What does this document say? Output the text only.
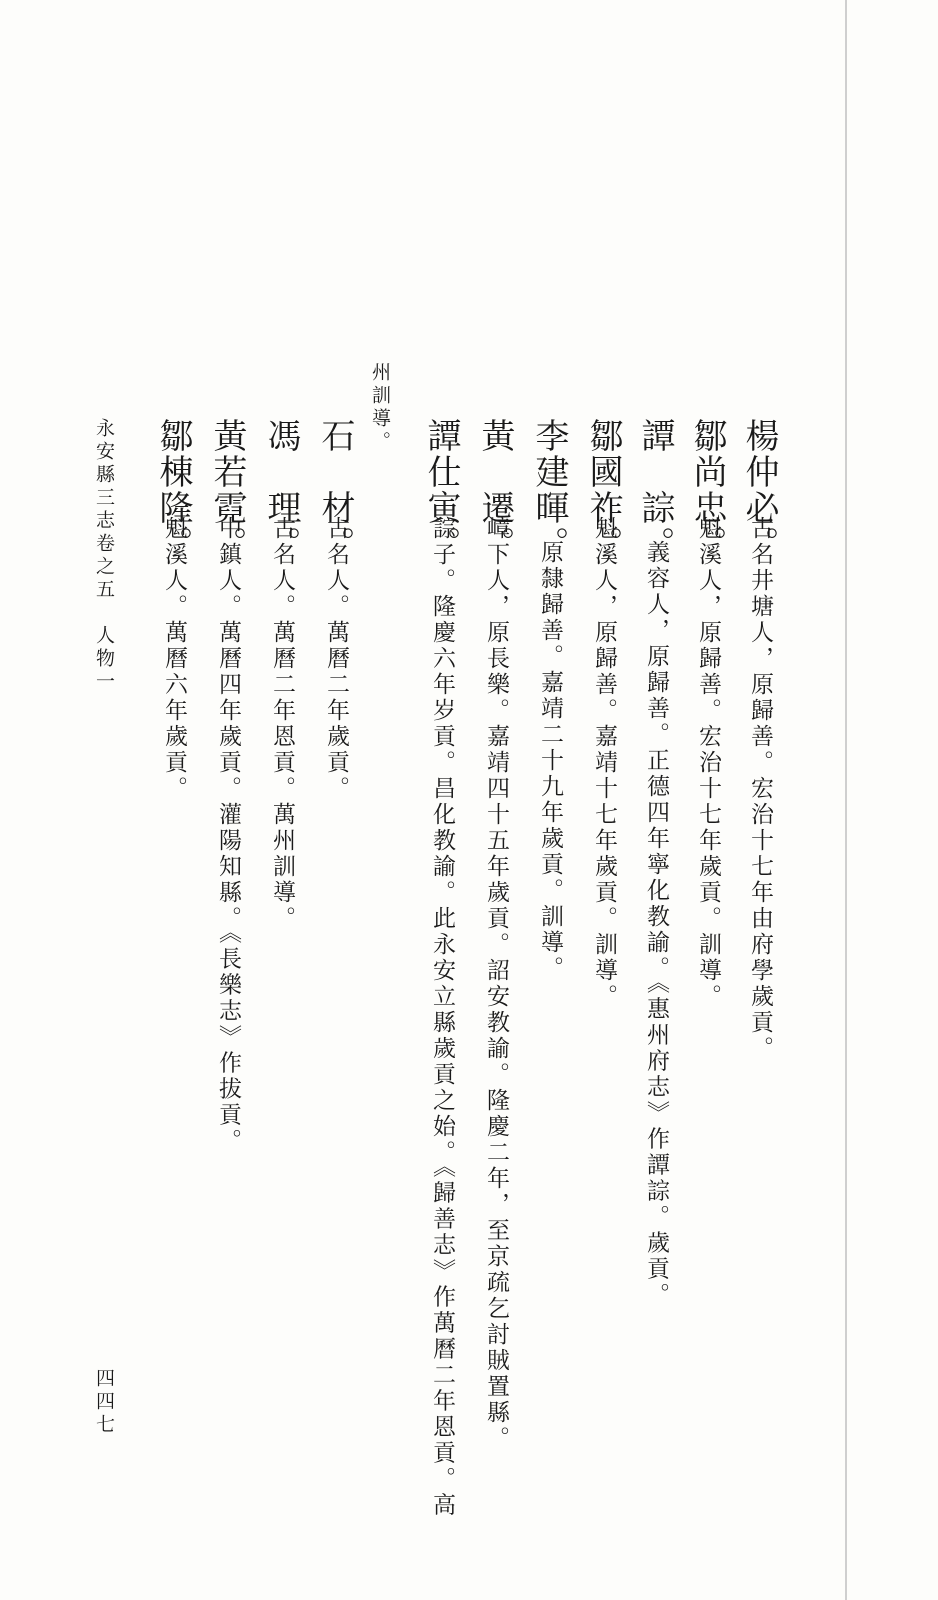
楊仲必。
古名井塘人，原歸善。宏治十七年由府學歲貢。
鄒尚忠。
魁溪人，原歸善。宏治十七年歲貢。訓導。
譚　誴。
義容人，原歸善。正德四年寧化教諭。《惠州府志》作譚誴。歲貢。
鄒國祚。
魁溪人，原歸善。嘉靖十七年歲貢。訓導。
李建暉。
原隸歸善。嘉靖二十九年歲貢。訓導。
黃　遷。
嶂下人，原長樂。嘉靖四十五年歲貢。詔安教諭。隆慶二年，至京疏乞討賊置縣。
譚仕寅。
誴子。隆慶六年岁貢。昌化教諭。此永安立縣歲貢之始。《歸善志》作萬曆二年恩貢。高
州訓導。
石　材。
古名人。萬曆二年歲貢。
馮　理。
古名人。萬曆二年恩貢。萬州訓導。
黃若霓。
中鎮人。萬曆四年歲貢。灌陽知縣。《長樂志》作拔貢。
鄒棟隆。
魁溪人。萬曆六年歲貢。
永安縣三志卷之五　人物一
四四七
